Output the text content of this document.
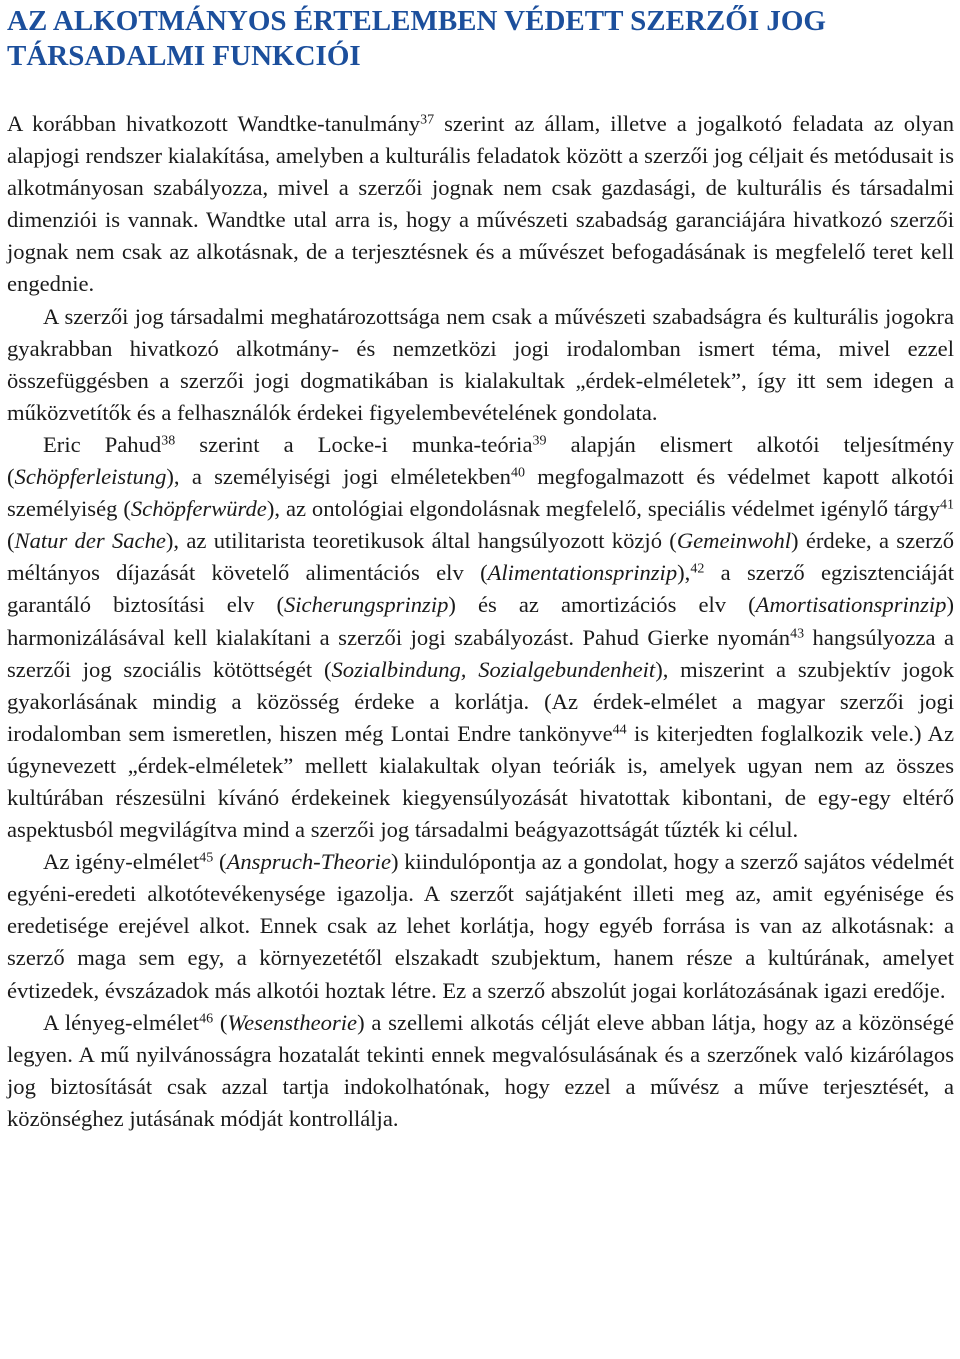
AZ ALKOTMÁNYOS ÉRTELEMBEN VÉDETT SZERZŐI JOG TÁRSADALMI FUNKCIÓI

A korábban hivatkozott Wandtke-tanulmány$^{37}$ szerint az állam, illetve a jogalkotó feladata az olyan alapjogi rendszer kialakítása, amelyben a kulturális feladatok között a szerzői jog céljait és metódusait is alkotmányosan szabályozza, mivel a szerzői jognak nem csak gazdasági, de kulturális és társadalmi dimenziói is vannak. Wandtke utal arra is, hogy a művészeti szabadság garanciájára hivatkozó szerzői jognak nem csak az alkotásnak, de a terjesztésnek és a művészet befogadásának is megfelelő teret kell engednie.

A szerzői jog társadalmi meghatározottsága nem csak a művészeti szabadságra és kulturális jogokra gyakrabban hivatkozó alkotmány- és nemzetközi jogi irodalomban ismert téma, mivel ezzel összefüggésben a szerzői jogi dogmatikában is kialakultak „érdek-elméletek”, így itt sem idegen a műközvetítők és a felhasználók érdekei figyelembevételének gondolata.

Eric Pahud$^{38}$ szerint a Locke-i munka-teória$^{39}$ alapján elismert alkotói teljesítmény (Schöpferleistung), a személyiségi jogi elméletekben$^{40}$ megfogalmazott és védelmet kapott alkotói személyiség (Schöpferwürde), az ontológiai elgondolásnak megfelelő, speciális védelmet igénylő tárgy$^{41}$ (Natur der Sache), az utilitarista teoretikusok által hangsúlyozott közjó (Gemeinwohl) érdeke, a szerző méltányos díjazását követelő alimentációs elv (Alimentationsprinzip),$^{42}$ a szerző egzisztenciáját garantáló biztosítási elv (Sicherungsprinzip) és az amortizációs elv (Amortisationsprinzip) harmonizálásával kell kialakítani a szerzői jogi szabályozást. Pahud Gierke nyomán$^{43}$ hangsúlyozza a szerzői jog szociális kötöttségét (Sozialbindung, Sozialgebundenheit), miszerint a szubjektív jogok gyakorlásának mindig a közösség érdeke a korlátja. (Az érdek-elmélet a magyar szerzői jogi irodalomban sem ismeretlen, hiszen még Lontai Endre tankönyve$^{44}$ is kiterjedten foglalkozik vele.) Az úgynevezett „érdek-elméletek” mellett kialakultak olyan teóriák is, amelyek ugyan nem az összes kultúrában részesülni kívánó érdekeinek kiegyensúlyozását hivatottak kibontani, de egy-egy eltérő aspektusból megvilágítva mind a szerzői jog társadalmi beágyazottságát tűzték ki célul.

Az igény-elmélet$^{45}$ (Anspruch-Theorie) kiindulópontja az a gondolat, hogy a szerző sajátos védelmét egyéni-eredeti alkotótevékenysége igazolja. A szerzőt sajátjaként illeti meg az, amit egyénisége és eredetisége erejével alkot. Ennek csak az lehet korlátja, hogy egyéb forrása is van az alkotásnak: a szerző maga sem egy, a környezetétől elszakadt szubjektum, hanem része a kultúrának, amelyet évtizedek, évszázadok más alkotói hoztak létre. Ez a szerző abszolút jogai korlátozásának igazi eredője.

A lényeg-elmélet$^{46}$ (Wesenstheorie) a szellemi alkotás célját eleve abban látja, hogy az a közönségé legyen. A mű nyilvánosságra hozatalát tekinti ennek megvalósulásának és a szerzőnek való kizárólagos jog biztosítását csak azzal tartja indokolhatónak, hogy ezzel a művész a műve terjesztését, a közönséghez jutásának módját kontrollálja.
